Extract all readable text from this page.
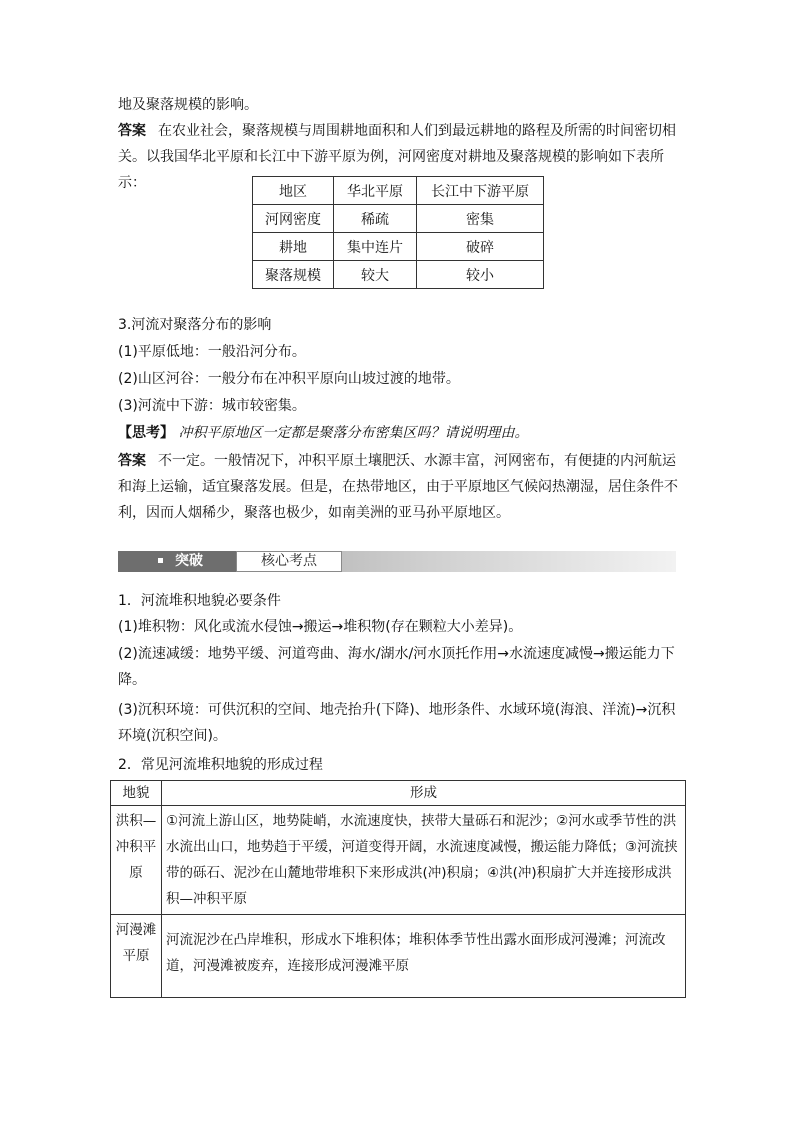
地及聚落规模的影响。

答案 在农业社会，聚落规模与周围耕地面积和人们到最远耕地的路程及所需的时间密切相关。以我国华北平原和长江中下游平原为例，河网密度对耕地及聚落规模的影响如下表所示：

地区	华北平原	长江中下游平原
河网密度	稀疏	密集
耕地	集中连片	破碎
聚落规模	较大	较小

3.河流对聚落分布的影响

(1)平原低地：一般沿河分布。

(2)山区河谷：一般分布在冲积平原向山坡过渡的地带。

(3)河流中下游：城市较密集。

【思考】 冲积平原地区一定都是聚落分布密集区吗？请说明理由。

答案 不一定。一般情况下，冲积平原土壤肥沃、水源丰富，河网密布，有便捷的内河航运和海上运输，适宜聚落发展。但是，在热带地区，由于平原地区气候闷热潮湿，居住条件不利，因而人烟稀少，聚落也极少，如南美洲的亚马孙平原地区。

突破	核心考点

1．河流堆积地貌必要条件

(1)堆积物：风化或流水侵蚀→搬运→堆积物(存在颗粒大小差异)。

(2)流速减缓：地势平缓、河道弯曲、海水/湖水/河水顶托作用→水流速度减慢→搬运能力下降。

(3)沉积环境：可供沉积的空间、地壳抬升(下降)、地形条件、水域环境(海浪、洋流)→沉积环境(沉积空间)。

2．常见河流堆积地貌的形成过程

地貌	形成
洪积—冲积平原	①河流上游山区，地势陡峭，水流速度快，挟带大量砾石和泥沙；②河水或季节性的洪水流出山口，地势趋于平缓，河道变得开阔，水流速度减慢，搬运能力降低；③河流挟带的砾石、泥沙在山麓地带堆积下来形成洪(冲)积扇；④洪(冲)积扇扩大并连接形成洪积—冲积平原
河漫滩平原	河流泥沙在凸岸堆积，形成水下堆积体；堆积体季节性出露水面形成河漫滩；河流改道，河漫滩被废弃，连接形成河漫滩平原
